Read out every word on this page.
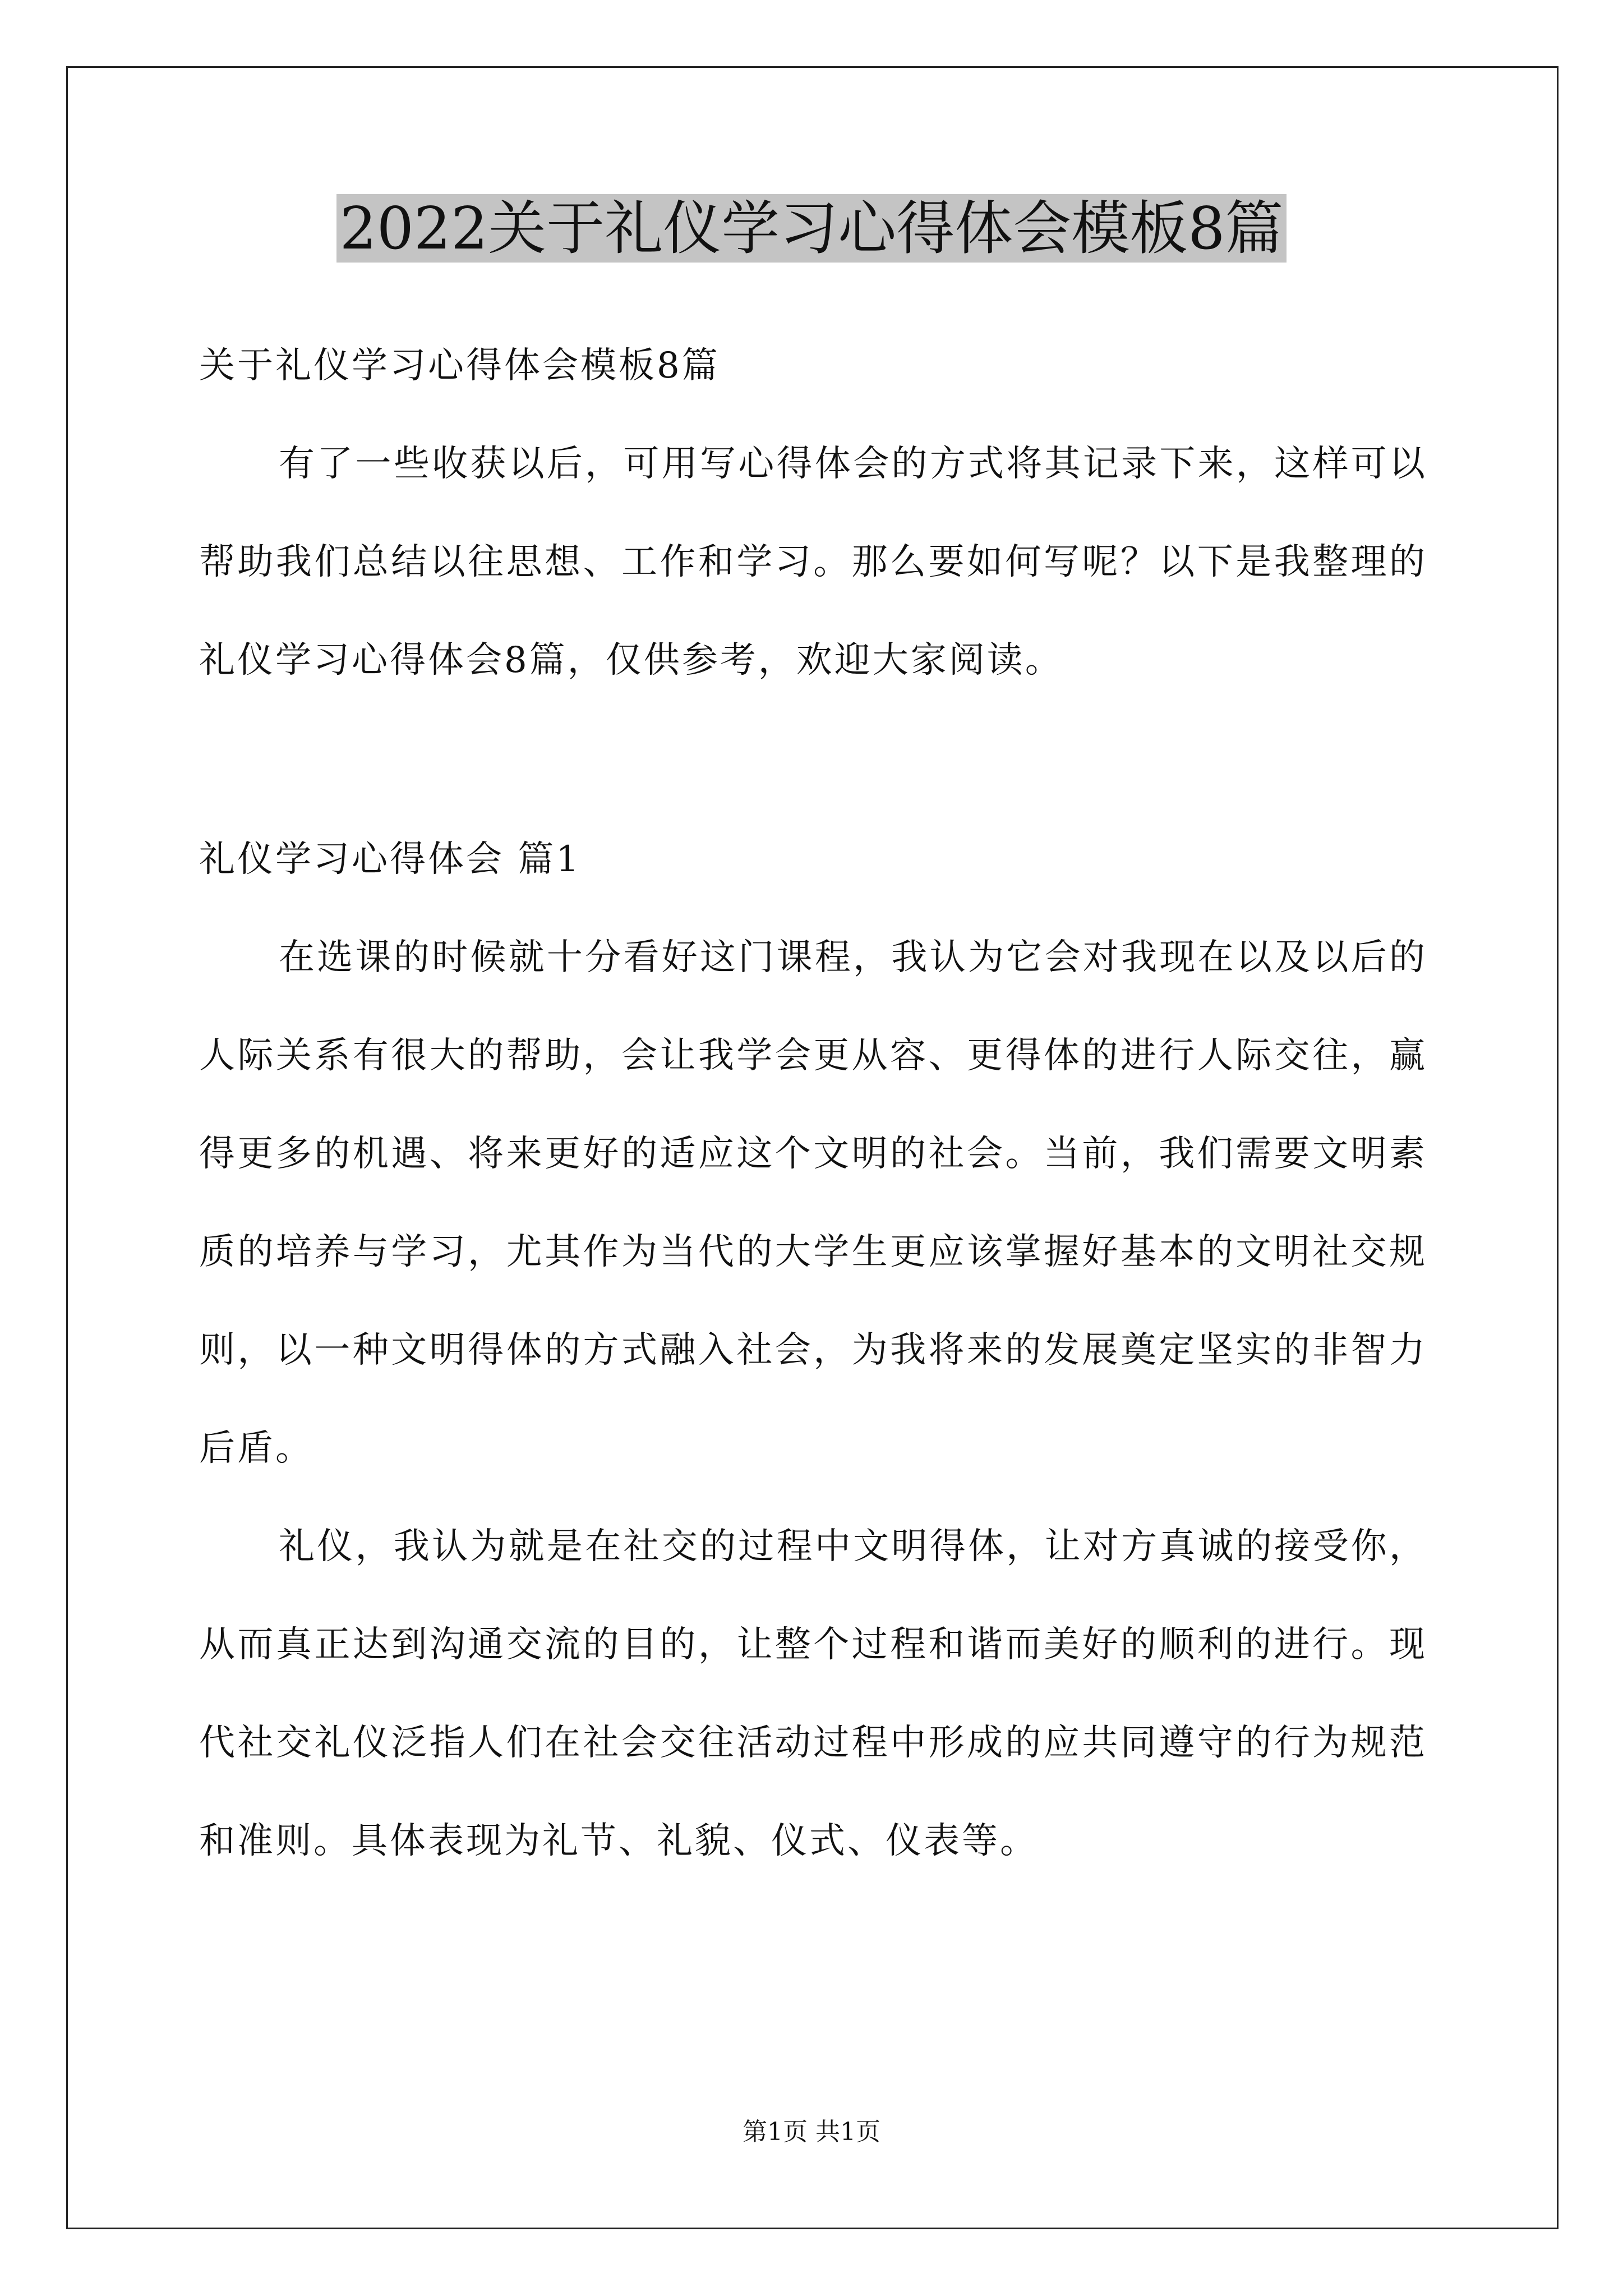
2022关于礼仪学习心得体会模板8篇

关于礼仪学习心得体会模板8篇

有了一些收获以后，可用写心得体会的方式将其记录下来，这样可以帮助我们总结以往思想、工作和学习。那么要如何写呢？以下是我整理的礼仪学习心得体会8篇，仅供参考，欢迎大家阅读。

礼仪学习心得体会 篇1

在选课的时候就十分看好这门课程，我认为它会对我现在以及以后的人际关系有很大的帮助，会让我学会更从容、更得体的进行人际交往，赢得更多的机遇、将来更好的适应这个文明的社会。当前，我们需要文明素质的培养与学习，尤其作为当代的大学生更应该掌握好基本的文明社交规则，以一种文明得体的方式融入社会，为我将来的发展奠定坚实的非智力后盾。

礼仪，我认为就是在社交的过程中文明得体，让对方真诚的接受你，从而真正达到沟通交流的目的，让整个过程和谐而美好的顺利的进行。现代社交礼仪泛指人们在社会交往活动过程中形成的应共同遵守的行为规范和准则。具体表现为礼节、礼貌、仪式、仪表等。

第1页 共1页
